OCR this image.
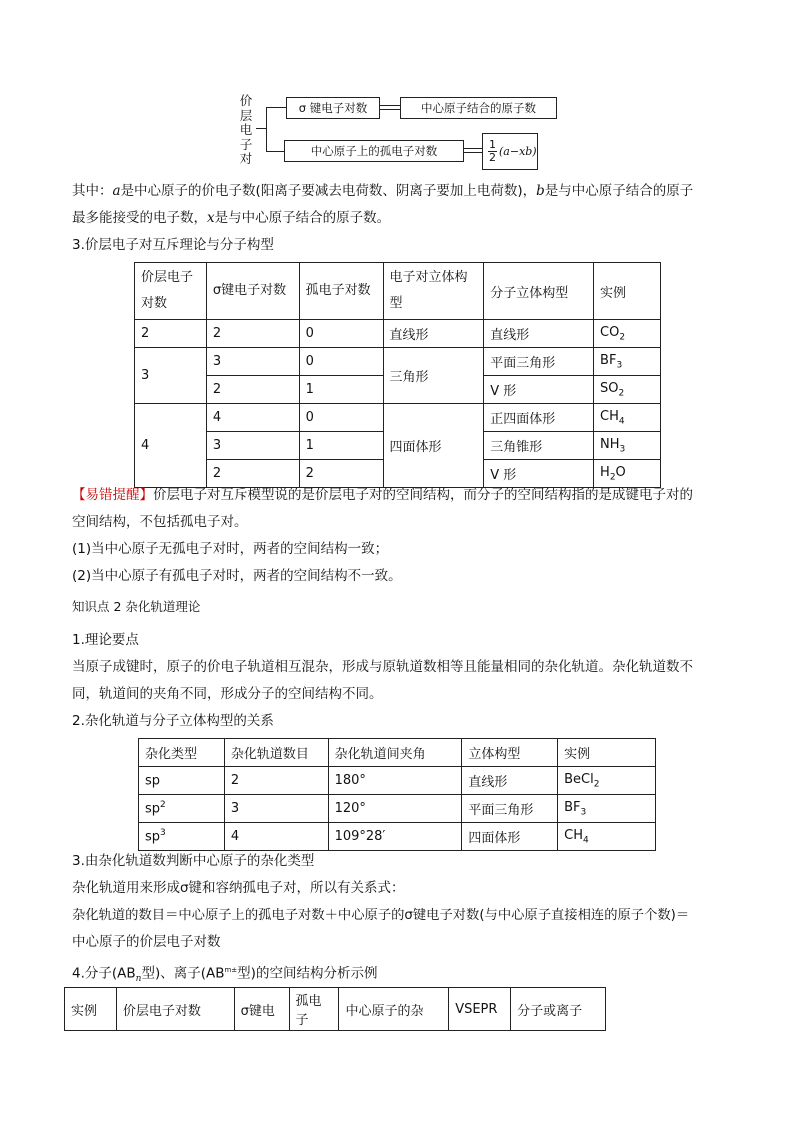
价
层
电
子
对
σ 键电子对数	中心原子结合的原子数
中心原子上的孤电子对数	$\frac{1}{2} (a-xb)$
其中：a是中心原子的价电子数(阳离子要减去电荷数、阴离子要加上电荷数)，b是与中心原子结合的原子
最多能接受的电子数，x是与中心原子结合的原子数。
3.价层电子对互斥理论与分子构型
价层电子对数	σ键电子对数	孤电子对数	电子对立体构型	分子立体构型	实例
2	2	0	直线形	直线形	$CO_2$
3	3	0	三角形	平面三角形	$BF_3$
	2	1		V 形	$SO_2$
4	4	0	四面体形	正四面体形	$CH_4$
	3	1		三角锥形	$NH_3$
	2	2		V 形	$H_2O$
【易错提醒】价层电子对互斥模型说的是价层电子对的空间结构，而分子的空间结构指的是成键电子对的
空间结构，不包括孤电子对。
(1)当中心原子无孤电子对时，两者的空间结构一致；
(2)当中心原子有孤电子对时，两者的空间结构不一致。
知识点 2 杂化轨道理论
1.理论要点
当原子成键时，原子的价电子轨道相互混杂，形成与原轨道数相等且能量相同的杂化轨道。杂化轨道数不
同，轨道间的夹角不同，形成分子的空间结构不同。
2.杂化轨道与分子立体构型的关系
杂化类型	杂化轨道数目	杂化轨道间夹角	立体构型	实例
sp	2	180°	直线形	BeCl$_2$
$sp^2$	3	120°	平面三角形	$BF_3$
$sp^3$	4	109°28′	四面体形	$CH_4$
3.由杂化轨道数判断中心原子的杂化类型
杂化轨道用来形成σ键和容纳孤电子对，所以有关系式：
杂化轨道的数目＝中心原子上的孤电子对数＋中心原子的σ键电子对数(与中心原子直接相连的原子个数)＝
中心原子的价层电子对数
4.分子($AB_n$型)、离子($AB^{m\pm}$型)的空间结构分析示例
实例	价层电子对数	σ键电	孤电子	中心原子的杂	VSEPR	分子或离子
